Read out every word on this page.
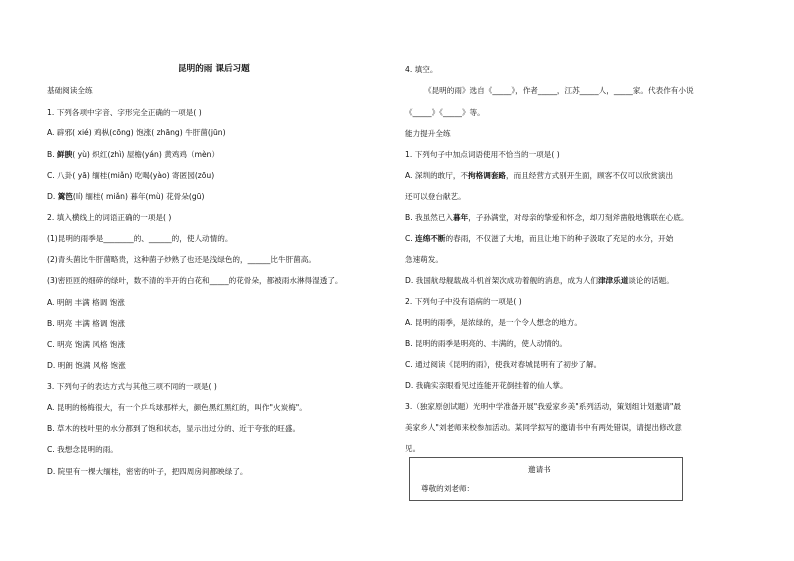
昆明的雨 课后习题
基础阅读全练
1. 下列各项中字音、字形完全正确的一项是( )
A. 辟邪( xié) 鸡枞(cōng) 饱涨( zhāng) 牛肝菌(jūn)
B. 鲜腴( yù) 炽红(zhì) 屋檐(yán) 黄鸡鸡（mèn）
C. 八卦( yā) 缅桂(miǎn) 吃喝(yào) 寄匿园(zōu)
D. 篱笆(lí) 缅桂( miǎn) 暮年(mù) 花骨朵(gū)
2. 填入横线上的词语正确的一项是( )
(1)昆明的雨季是________的、______的，使人动情的。
(2)青头菌比牛肝菌略贵，这种菌子炒熟了也还是浅绿色的，______比牛肝菌高。
(3)密匝匝的细碎的绿叶，数不清的半开的白花和_____的花骨朵，都被雨水淋得湿透了。
A. 明朗 丰满 格调 饱涨
B. 明亮 丰满 格调 饱涨
C. 明亮 饱满 风格 饱涨
D. 明朗 饱满 风格 饱涨
3. 下列句子的表达方式与其他三项不同的一项是( )
A. 昆明的杨梅很大，有一个乒乓球那样大，颜色黑红黑红的，叫作"火炭梅"。
B. 草木的枝叶里的水分都到了饱和状态，显示出过分的、近于夸张的旺盛。
C. 我想念昆明的雨。
D. 院里有一棵大缅桂，密密的叶子，把四周房间都映绿了。
4. 填空。
《昆明的雨》选自《_____》，作者_____，江苏_____人，_____家。代表作有小说
《_____》《_____》等。
能力提升全练
1. 下列句子中加点词语使用不恰当的一项是( )
A. 深圳的敢厅，不拘格调套路，而且经营方式别开生面，顾客不仅可以欣赏演出
还可以登台献艺。
B. 我虽然已入暮年，子孙满堂，对母亲的挚爱和怀念，却刀刻斧凿般地镌联在心底。
C. 连绵不断的春雨，不仅滋了大地，而且让地下的种子汲取了充足的水分，开始
急速萌发。
D. 我国航母舰载战斗机首架次成功着舰的消息，成为人们津津乐道谈论的话题。
2. 下列句子中没有语病的一项是( )
A. 昆明的雨季，是浓绿的，是一个令人想念的地方。
B. 昆明的雨季是明亮的、丰满的，使人动情的。
C. 通过阅读《昆明的雨》，使我对春城昆明有了初步了解。
D. 我确实亲眼看见过连能开花倒挂着的仙人掌。
3.（独家原创试题）光明中学准备开展"我爱家乡美"系列活动，策划组计划邀请"最
美家乡人"刘老师来校参加活动。某同学拟写的邀请书中有两处错误，请提出修改意
见。
邀请书
尊敬的刘老师：
